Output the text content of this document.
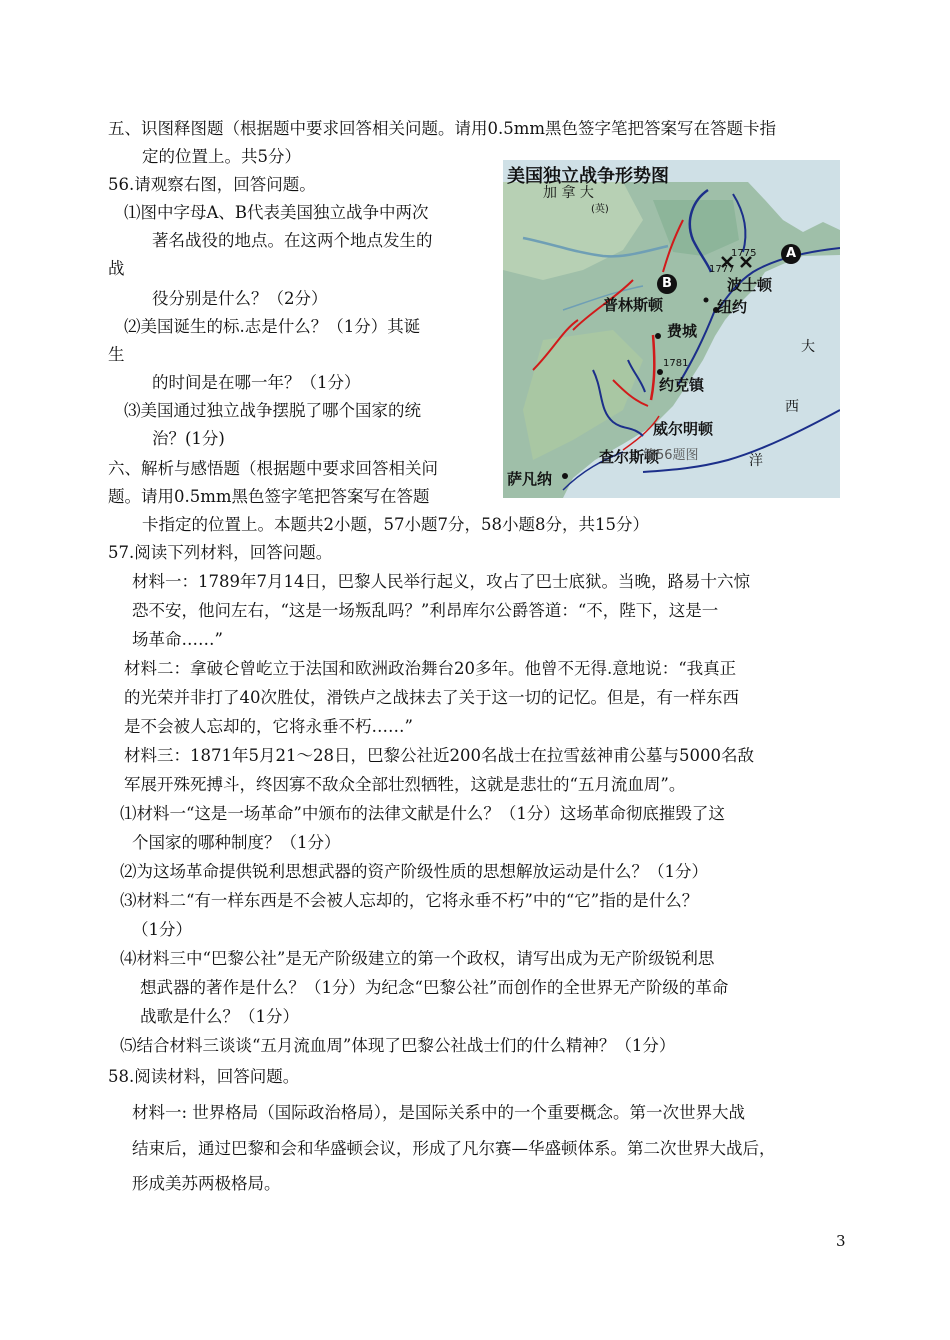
五、识图释图题（根据题中要求回答相关问题。请用0.5mm黑色签字笔把答案写在答题卡指
定的位置上。共5分）
56.请观察右图，回答问题。
⑴图中字母A、B代表美国独立战争中两次
著名战役的地点。在这两个地点发生的
战
役分别是什么？（2分）
⑵美国诞生的标.志是什么？（1分）其诞
生
的时间是在哪一年？（1分）
⑶美国通过独立战争摆脱了哪个国家的统
治？(1分)
六、解析与感悟题（根据题中要求回答相关问
题。请用0.5mm黑色签字笔把答案写在答题
卡指定的位置上。本题共2小题，57小题7分，58小题8分，共15分）
美国独立战争形势图
加 拿 大
(英)
A
B
1775
1777
1781
波士顿
纽约
普林斯顿
费城
约克镇
威尔明顿
查尔斯顿
萨凡纳
大
西
洋
第56题图
57.阅读下列材料，回答问题。
材料一：1789年7月14日，巴黎人民举行起义，攻占了巴士底狱。当晚，路易十六惊
恐不安，他问左右，“这是一场叛乱吗？”利昂库尔公爵答道：“不，陛下，这是一
场革命……”
材料二：拿破仑曾屹立于法国和欧洲政治舞台20多年。他曾不无得.意地说：“我真正
的光荣并非打了40次胜仗，滑铁卢之战抹去了关于这一切的记忆。但是，有一样东西
是不会被人忘却的，它将永垂不朽……”
材料三：1871年5月21～28日，巴黎公社近200名战士在拉雪兹神甫公墓与5000名敌
军展开殊死搏斗，终因寡不敌众全部壮烈牺牲，这就是悲壮的“五月流血周”。
⑴材料一“这是一场革命”中颁布的法律文献是什么？（1分）这场革命彻底摧毁了这
个国家的哪种制度？（1分）
⑵为这场革命提供锐利思想武器的资产阶级性质的思想解放运动是什么？（1分）
⑶材料二“有一样东西是不会被人忘却的，它将永垂不朽”中的“它”指的是什么？
（1分）
⑷材料三中“巴黎公社”是无产阶级建立的第一个政权，请写出成为无产阶级锐利思
想武器的著作是什么？（1分）为纪念“巴黎公社”而创作的全世界无产阶级的革命
战歌是什么？（1分）
⑸结合材料三谈谈“五月流血周”体现了巴黎公社战士们的什么精神？（1分）
58.阅读材料，回答问题。
材料一: 世界格局（国际政治格局），是国际关系中的一个重要概念。第一次世界大战
结束后，通过巴黎和会和华盛顿会议，形成了凡尔赛—华盛顿体系。第二次世界大战后，
形成美苏两极格局。
3
